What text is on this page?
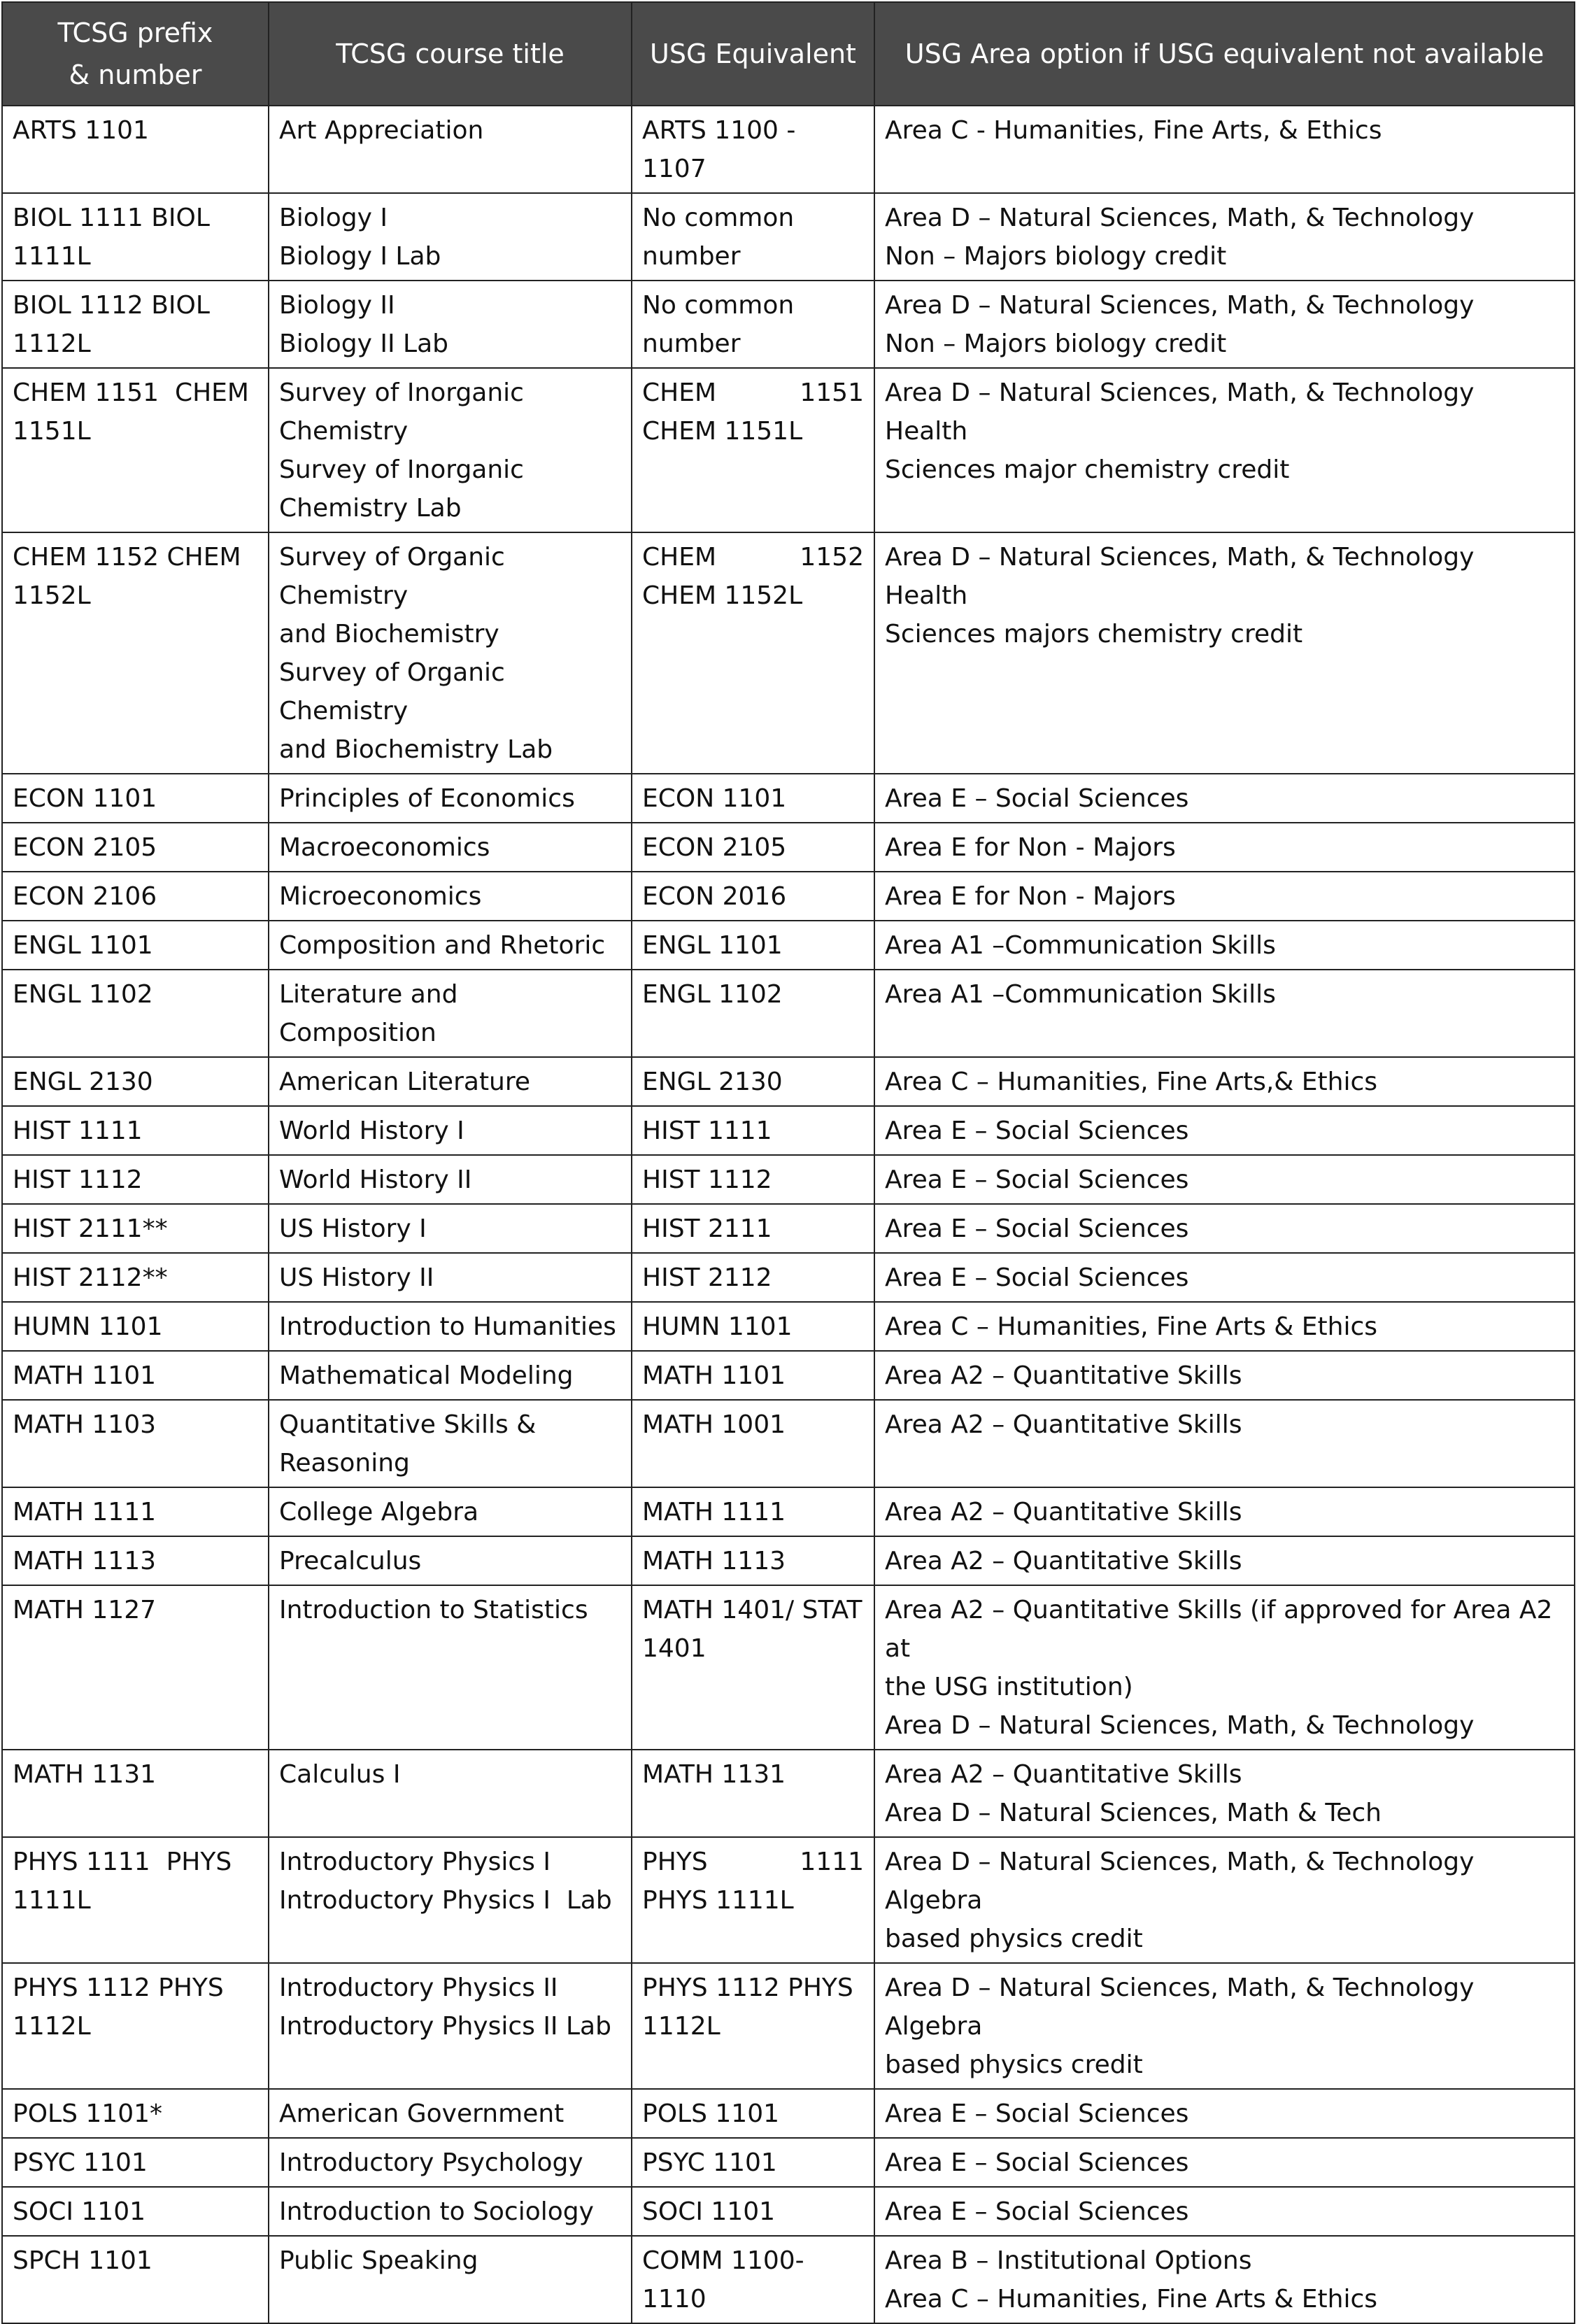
TCSG prefix
& number	TCSG course title	USG Equivalent	USG Area option if USG equivalent not available

ARTS 1101	Art Appreciation	ARTS 1100 - 1107	Area C - Humanities, Fine Arts, & Ethics

BIOL 1111 BIOL
1111L	Biology I
Biology I Lab	No common
number	Area D – Natural Sciences, Math, & Technology
Non – Majors biology credit

BIOL 1112 BIOL
1112L	Biology II
Biology II Lab	No common
number	Area D – Natural Sciences, Math, & Technology
Non – Majors biology credit

CHEM 1151  CHEM
1151L	Survey of Inorganic
Chemistry
Survey of Inorganic
Chemistry Lab	CHEM 1151
CHEM 1151L	Area D – Natural Sciences, Math, & Technology Health
Sciences major chemistry credit

CHEM 1152 CHEM
1152L	Survey of Organic Chemistry
and Biochemistry
Survey of Organic Chemistry
and Biochemistry Lab	CHEM 1152
CHEM 1152L	Area D – Natural Sciences, Math, & Technology Health
Sciences majors chemistry credit

ECON 1101	Principles of Economics	ECON 1101	Area E – Social Sciences

ECON 2105	Macroeconomics	ECON 2105	Area E for Non - Majors

ECON 2106	Microeconomics	ECON 2016	Area E for Non - Majors

ENGL 1101	Composition and Rhetoric	ENGL 1101	Area A1 –Communication Skills

ENGL 1102	Literature and Composition	ENGL 1102	Area A1 –Communication Skills

ENGL 2130	American Literature	ENGL 2130	Area C – Humanities, Fine Arts,& Ethics

HIST 1111	World History I	HIST 1111	Area E – Social Sciences

HIST 1112	World History II	HIST 1112	Area E – Social Sciences

HIST 2111**	US History I	HIST 2111	Area E – Social Sciences

HIST 2112**	US History II	HIST 2112	Area E – Social Sciences

HUMN 1101	Introduction to Humanities	HUMN 1101	Area C – Humanities, Fine Arts & Ethics

MATH 1101	Mathematical Modeling	MATH 1101	Area A2 – Quantitative Skills

MATH 1103	Quantitative Skills &
Reasoning	MATH 1001	Area A2 – Quantitative Skills

MATH 1111	College Algebra	MATH 1111	Area A2 – Quantitative Skills

MATH 1113	Precalculus	MATH 1113	Area A2 – Quantitative Skills

MATH 1127	Introduction to Statistics	MATH 1401/ STAT
1401	Area A2 – Quantitative Skills (if approved for Area A2 at
the USG institution)
Area D – Natural Sciences, Math, & Technology

MATH 1131	Calculus I	MATH 1131	Area A2 – Quantitative Skills
Area D – Natural Sciences, Math & Tech

PHYS 1111  PHYS
1111L	Introductory Physics I
Introductory Physics I  Lab	PHYS 1111
PHYS 1111L	Area D – Natural Sciences, Math, & Technology Algebra
based physics credit

PHYS 1112 PHYS
1112L	Introductory Physics II
Introductory Physics II Lab	PHYS 1112 PHYS
1112L	Area D – Natural Sciences, Math, & Technology Algebra
based physics credit

POLS 1101*	American Government	POLS 1101	Area E – Social Sciences

PSYC 1101	Introductory Psychology	PSYC 1101	Area E – Social Sciences

SOCI 1101	Introduction to Sociology	SOCI 1101	Area E – Social Sciences

SPCH 1101	Public Speaking	COMM 1100-1110	Area B – Institutional Options
Area C – Humanities, Fine Arts & Ethics
